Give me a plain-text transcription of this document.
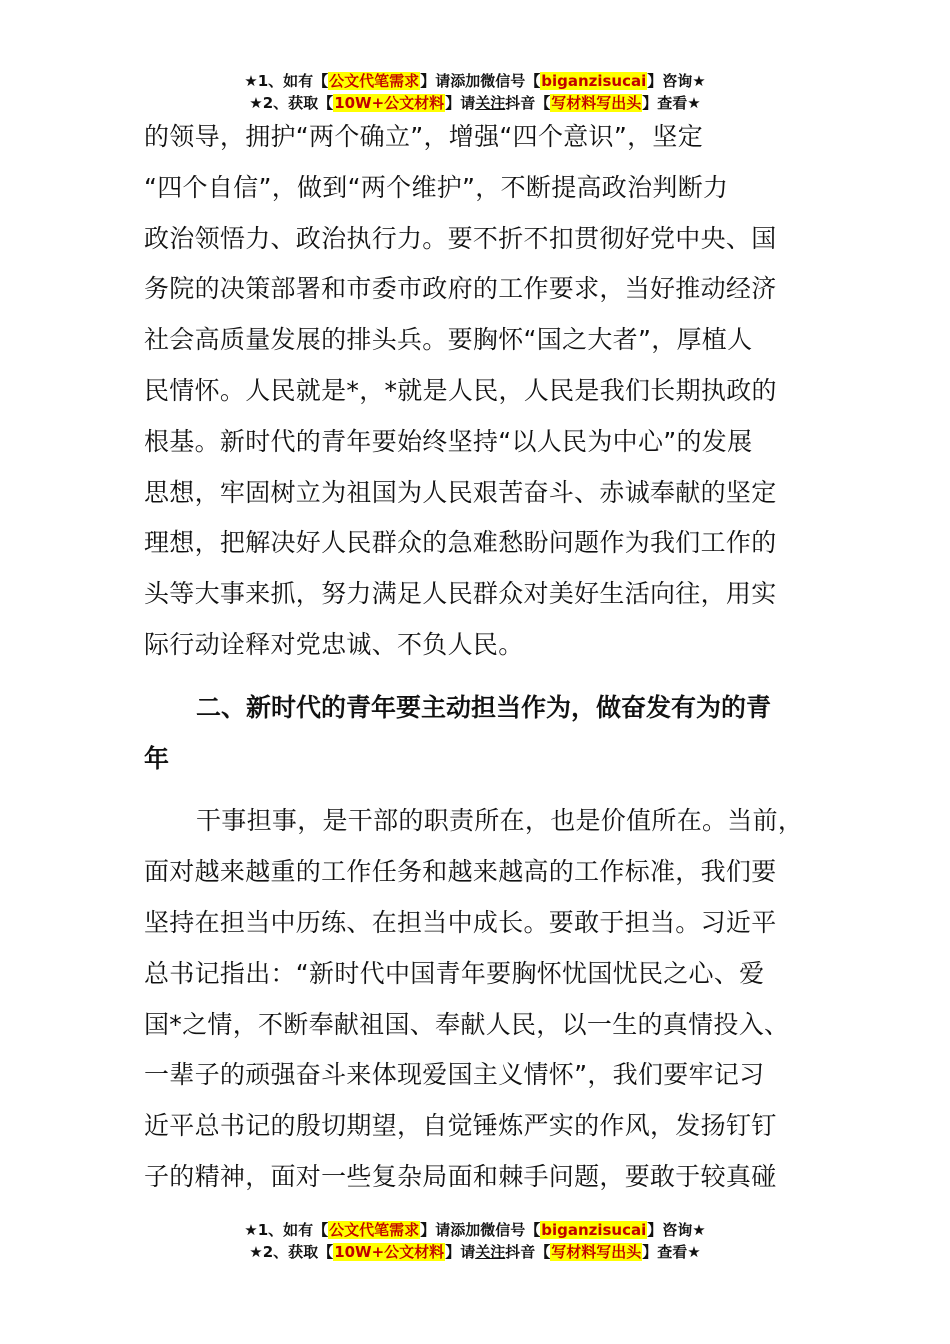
★1、如有【公文代笔需求】请添加微信号【biganzisucai】咨询★
★2、获取【10W+公文材料】请关注抖音【写材料写出头】查看★
的领导，拥护“两个确立”，增强“四个意识”，坚定
“四个自信”，做到“两个维护”，不断提高政治判断力
政治领悟力、政治执行力。要不折不扣贯彻好党中央、国
务院的决策部署和市委市政府的工作要求，当好推动经济
社会高质量发展的排头兵。要胸怀“国之大者”，厚植人
民情怀。人民就是*，*就是人民，人民是我们长期执政的
根基。新时代的青年要始终坚持“以人民为中心”的发展
思想，牢固树立为祖国为人民艰苦奋斗、赤诚奉献的坚定
理想，把解决好人民群众的急难愁盼问题作为我们工作的
头等大事来抓，努力满足人民群众对美好生活向往，用实
际行动诠释对党忠诚、不负人民。
二、新时代的青年要主动担当作为，做奋发有为的青
年
干事担事，是干部的职责所在，也是价值所在。当前，
面对越来越重的工作任务和越来越高的工作标准，我们要
坚持在担当中历练、在担当中成长。要敢于担当。习近平
总书记指出：“新时代中国青年要胸怀忧国忧民之心、爱
国*之情，不断奉献祖国、奉献人民，以一生的真情投入、
一辈子的顽强奋斗来体现爱国主义情怀”，我们要牢记习
近平总书记的殷切期望，自觉锤炼严实的作风，发扬钉钉
子的精神，面对一些复杂局面和棘手问题，要敢于较真碰
★1、如有【公文代笔需求】请添加微信号【biganzisucai】咨询★
★2、获取【10W+公文材料】请关注抖音【写材料写出头】查看★
